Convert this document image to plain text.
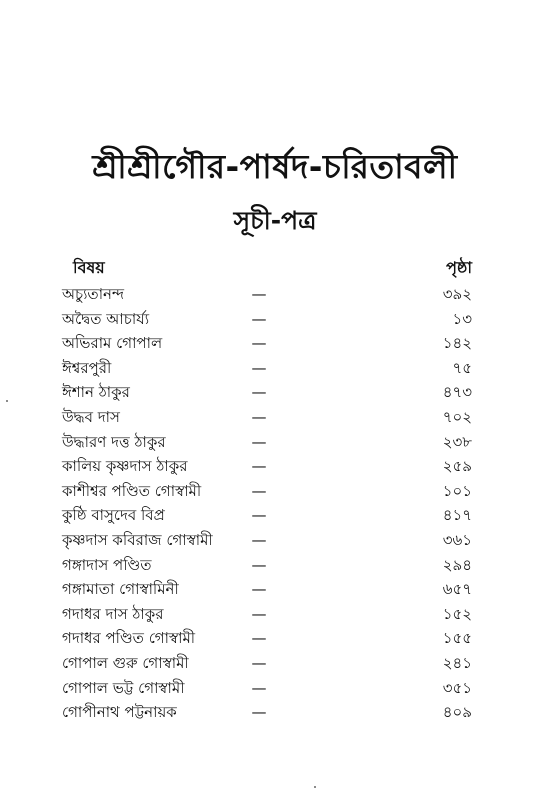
শ্রীশ্রীগৌর-পার্ষদ-চরিতাবলী
সূচী-পত্র
বিষয়	পৃষ্ঠা
অচ্যুতানন্দ	—	৩৯২
অদ্বৈত আচার্য্য	—	১৩
অভিরাম গোপাল	—	১৪২
ঈশ্বরপুরী	—	৭৫
ঈশান ঠাকুর	—	৪৭৩
উদ্ধব দাস	—	৭০২
উদ্ধারণ দত্ত ঠাকুর	—	২৩৮
কালিয় কৃষ্ণদাস ঠাকুর	—	২৫৯
কাশীশ্বর পণ্ডিত গোস্বামী	—	১০১
কুষ্ঠি বাসুদেব বিপ্র	—	৪১৭
কৃষ্ণদাস কবিরাজ গোস্বামী	—	৩৬১
গঙ্গাদাস পণ্ডিত	—	২৯৪
গঙ্গামাতা গোস্বামিনী	—	৬৫৭
গদাধর দাস ঠাকুর	—	১৫২
গদাধর পণ্ডিত গোস্বামী	—	১৫৫
গোপাল গুরু গোস্বামী	—	২৪১
গোপাল ভট্ট গোস্বামী	—	৩৫১
গোপীনাথ পট্টনায়ক	—	৪০৯
